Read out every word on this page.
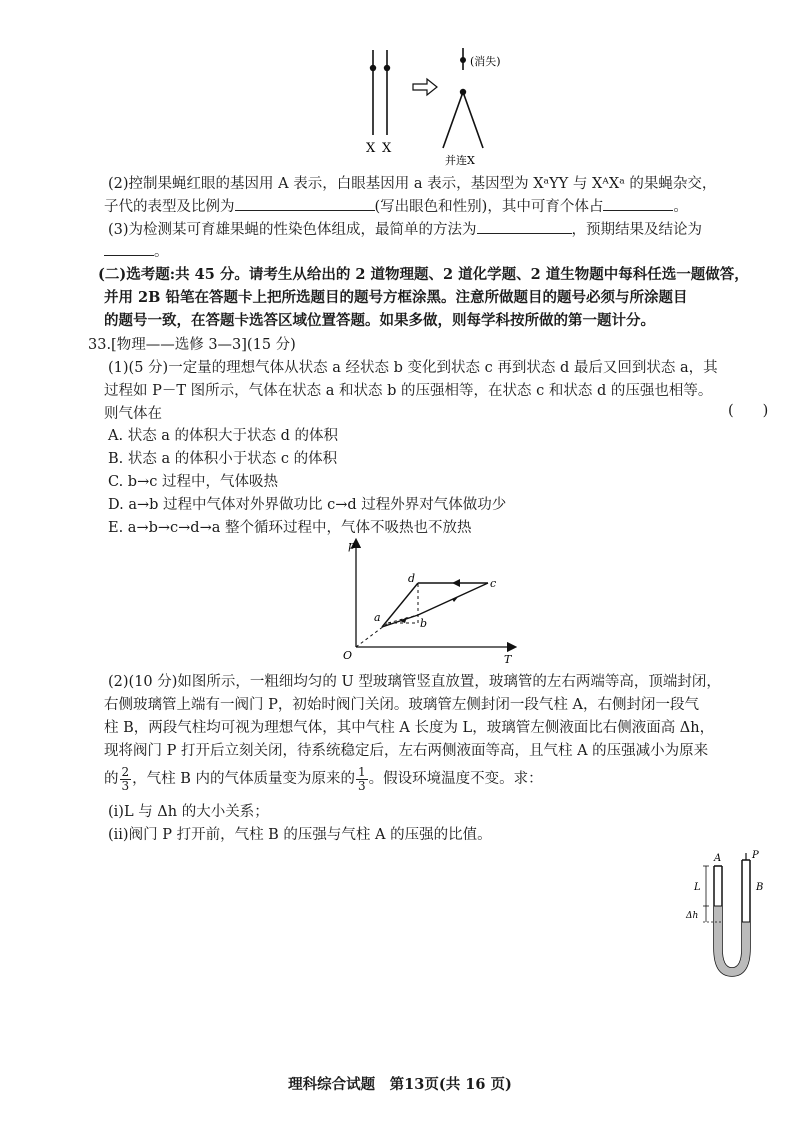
X X
(消失)
并连X
(2)控制果蝇红眼的基因用 A 表示，白眼基因用 a 表示，基因型为 XᵃYY 与 XᴬXᵃ 的果蝇杂交，
子代的表型及比例为	(写出眼色和性别)，其中可育个体占	。
(3)为检测某可育雄果蝇的性染色体组成，最简单的方法为	，预期结果及结论为
。
(二)选考题:共 45 分。请考生从给出的 2 道物理题、2 道化学题、2 道生物题中每科任选一题做答，
并用 2B 铅笔在答题卡上把所选题目的题号方框涂黑。注意所做题目的题号必须与所涂题目
的题号一致，在答题卡选答区域位置答题。如果多做，则每学科按所做的第一题计分。
33.[物理——选修 3—3](15 分)
(1)(5 分)一定量的理想气体从状态 a 经状态 b 变化到状态 c 再到状态 d 最后又回到状态 a，其
过程如 P－T 图所示，气体在状态 a 和状态 b 的压强相等，在状态 c 和状态 d 的压强也相等。
则气体在	(　　)
A. 状态 a 的体积大于状态 d 的体积
B. 状态 a 的体积小于状态 c 的体积
C. b→c 过程中，气体吸热
D. a→b 过程中气体对外界做功比 c→d 过程外界对气体做功少
E. a→b→c→d→a 整个循环过程中，气体不吸热也不放热
p
T
O
a	b
c
d
(2)(10 分)如图所示，一粗细均匀的 U 型玻璃管竖直放置，玻璃管的左右两端等高，顶端封闭，
右侧玻璃管上端有一阀门 P，初始时阀门关闭。玻璃管左侧封闭一段气柱 A，右侧封闭一段气
柱 B，两段气柱均可视为理想气体，其中气柱 A 长度为 L，玻璃管左侧液面比右侧液面高 Δh，
现将阀门 P 打开后立刻关闭，待系统稳定后，左右两侧液面等高，且气柱 A 的压强减小为原来
的 $\frac{2}{3}$ ，气柱 B 内的气体质量变为原来的 $\frac{1}{3}$ 。假设环境温度不变。求：
(i)L 与 Δh 的大小关系；
(ii)阀门 P 打开前，气柱 B 的压强与气柱 A 的压强的比值。
A	P
B
L
Δh
理科综合试题　第13页(共 16 页)
